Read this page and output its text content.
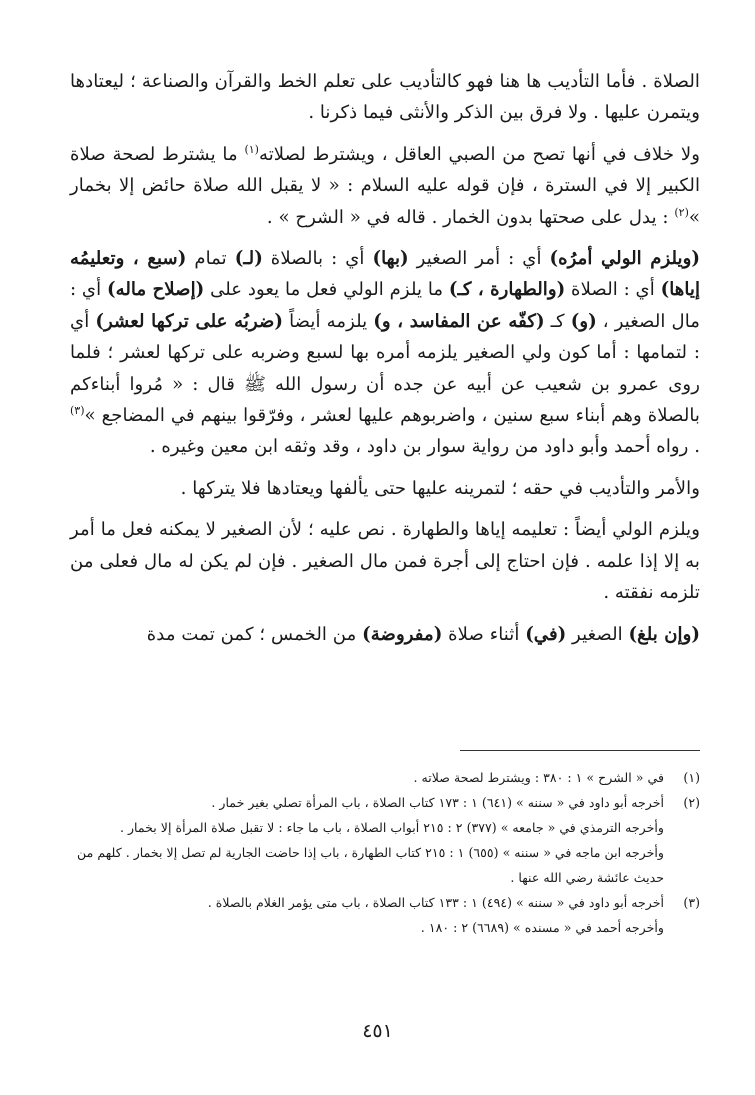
الصلاة . فأما التأديب ها هنا فهو كالتأديب على تعلم الخط والقرآن والصناعة ؛ ليعتادها ويتمرن عليها . ولا فرق بين الذكر والأنثى فيما ذكرنا .

ولا خلاف في أنها تصح من الصبي العاقل ، ويشترط لصلاته$^{(١)}$ ما يشترط لصحة صلاة الكبير إلا في السترة ، فإن قوله عليه السلام : « لا يقبل الله صلاة حائض إلا بخمار »$^{(٢)}$ : يدل على صحتها بدون الخمار . قاله في « الشرح » .

(ويلزم الولي أمرُه) أي : أمر الصغير (بها) أي : بالصلاة (لـ) تمام (سبع ، وتعليمُه إياها) أي : الصلاة (والطهارة ، كـ) ما يلزم الولي فعل ما يعود على (إصلاح ماله) أي : مال الصغير ، (و) كـ (كفّه عن المفاسد ، و) يلزمه أيضاً (ضربُه على تركها لعشر) أي : لتمامها : أما كون ولي الصغير يلزمه أمره بها لسبع وضربه على تركها لعشر ؛ فلما روى عمرو بن شعيب عن أبيه عن جده أن رسول الله ﷺ قال : « مُروا أبناءكم بالصلاة وهم أبناء سبع سنين ، واضربوهم عليها لعشر ، وفرّقوا بينهم في المضاجع »$^{(٣)}$ . رواه أحمد وأبو داود من رواية سوار بن داود ، وقد وثقه ابن معين وغيره .

والأمر والتأديب في حقه ؛ لتمرينه عليها حتى يألفها ويعتادها فلا يتركها .

ويلزم الولي أيضاً : تعليمه إياها والطهارة . نص عليه ؛ لأن الصغير لا يمكنه فعل ما أمر به إلا إذا علمه . فإن احتاج إلى أجرة فمن مال الصغير . فإن لم يكن له مال فعلى من تلزمه نفقته .

(وإن بلغ) الصغير (في) أثناء صلاة (مفروضة) من الخمس ؛ كمن تمت مدة

(١)
في « الشرح » ١ : ٣٨٠ : ويشترط لصحة صلاته .
(٢)
أخرجه أبو داود في « سننه » (٦٤١) ١ : ١٧٣ كتاب الصلاة ، باب المرأة تصلي بغير خمار .
وأخرجه الترمذي في « جامعه » (٣٧٧) ٢ : ٢١٥ أبواب الصلاة ، باب ما جاء : لا تقبل صلاة المرأة إلا بخمار .
وأخرجه ابن ماجه في « سننه » (٦٥٥) ١ : ٢١٥ كتاب الطهارة ، باب إذا حاضت الجارية لم تصل إلا بخمار . كلهم من حديث عائشة رضي الله عنها .
(٣)
أخرجه أبو داود في « سننه » (٤٩٤) ١ : ١٣٣ كتاب الصلاة ، باب متى يؤمر الغلام بالصلاة .
وأخرجه أحمد في « مسنده » (٦٦٨٩) ٢ : ١٨٠ .
٤٥١
